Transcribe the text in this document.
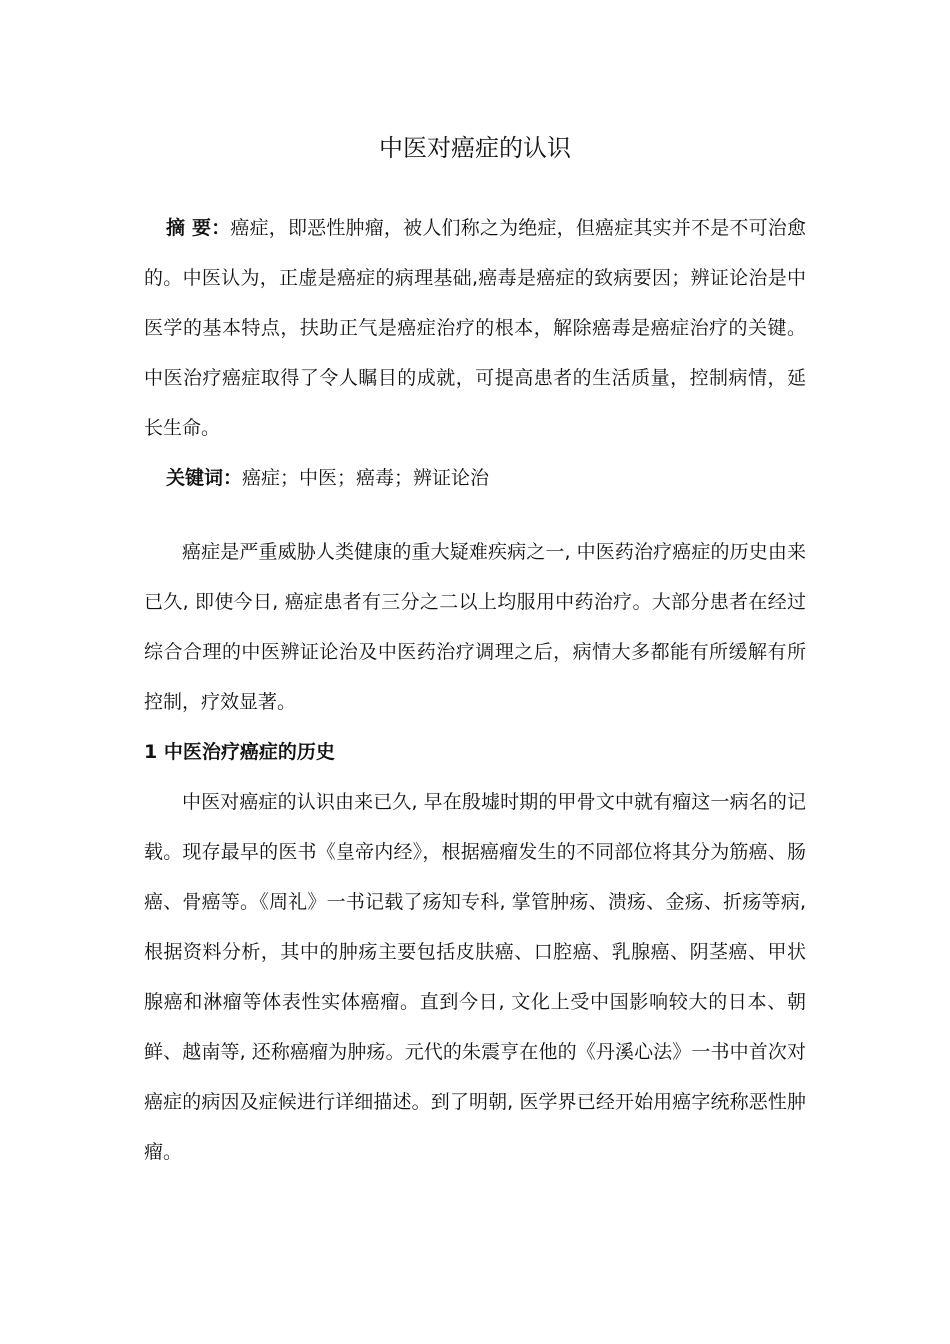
中医对癌症的认识

摘 要：癌症，即恶性肿瘤，被人们称之为绝症，但癌症其实并不是不可治愈的。中医认为，正虚是癌症的病理基础,癌毒是癌症的致病要因；辨证论治是中医学的基本特点，扶助正气是癌症治疗的根本，解除癌毒是癌症治疗的关键。中医治疗癌症取得了令人瞩目的成就，可提高患者的生活质量，控制病情，延长生命。

关键词：癌症；中医；癌毒；辨证论治

癌症是严重威胁人类健康的重大疑难疾病之一, 中医药治疗癌症的历史由来已久, 即使今日, 癌症患者有三分之二以上均服用中药治疗。大部分患者在经过综合合理的中医辨证论治及中医药治疗调理之后，病情大多都能有所缓解有所控制，疗效显著。

1 中医治疗癌症的历史

中医对癌症的认识由来已久, 早在殷墟时期的甲骨文中就有瘤这一病名的记载。现存最早的医书《皇帝内经》，根据癌瘤发生的不同部位将其分为筋癌、肠癌、骨癌等。《周礼》一书记载了疡知专科, 掌管肿疡、溃疡、金疡、折疡等病, 根据资料分析，其中的肿疡主要包括皮肤癌、口腔癌、乳腺癌、阴茎癌、甲状腺癌和淋瘤等体表性实体癌瘤。直到今日, 文化上受中国影响较大的日本、朝鲜、越南等, 还称癌瘤为肿疡。元代的朱震亨在他的《丹溪心法》一书中首次对癌症的病因及症候进行详细描述。到了明朝, 医学界已经开始用癌字统称恶性肿瘤。
